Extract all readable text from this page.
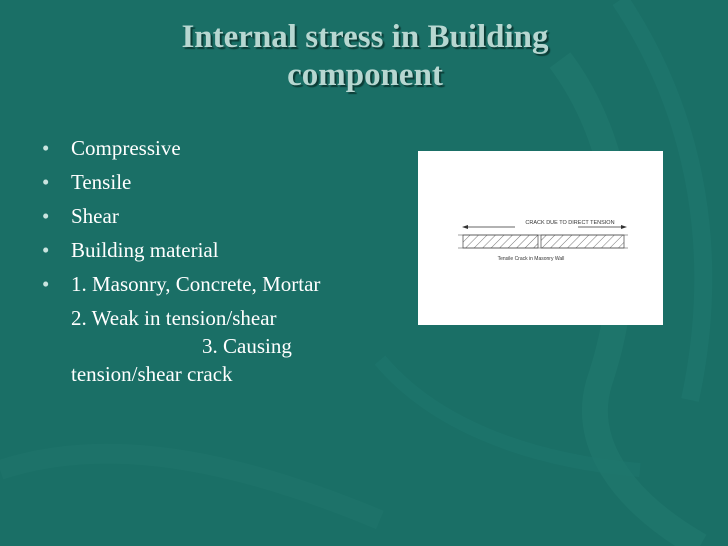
Internal stress in Building
component
• Compressive
• Tensile
• Shear
• Building material
• 1. Masonry, Concrete, Mortar
2. Weak in tension/shear
3. Causing
tension/shear crack
CRACK DUE TO DIRECT TENSION
Tensile Crack in Masonry Wall
